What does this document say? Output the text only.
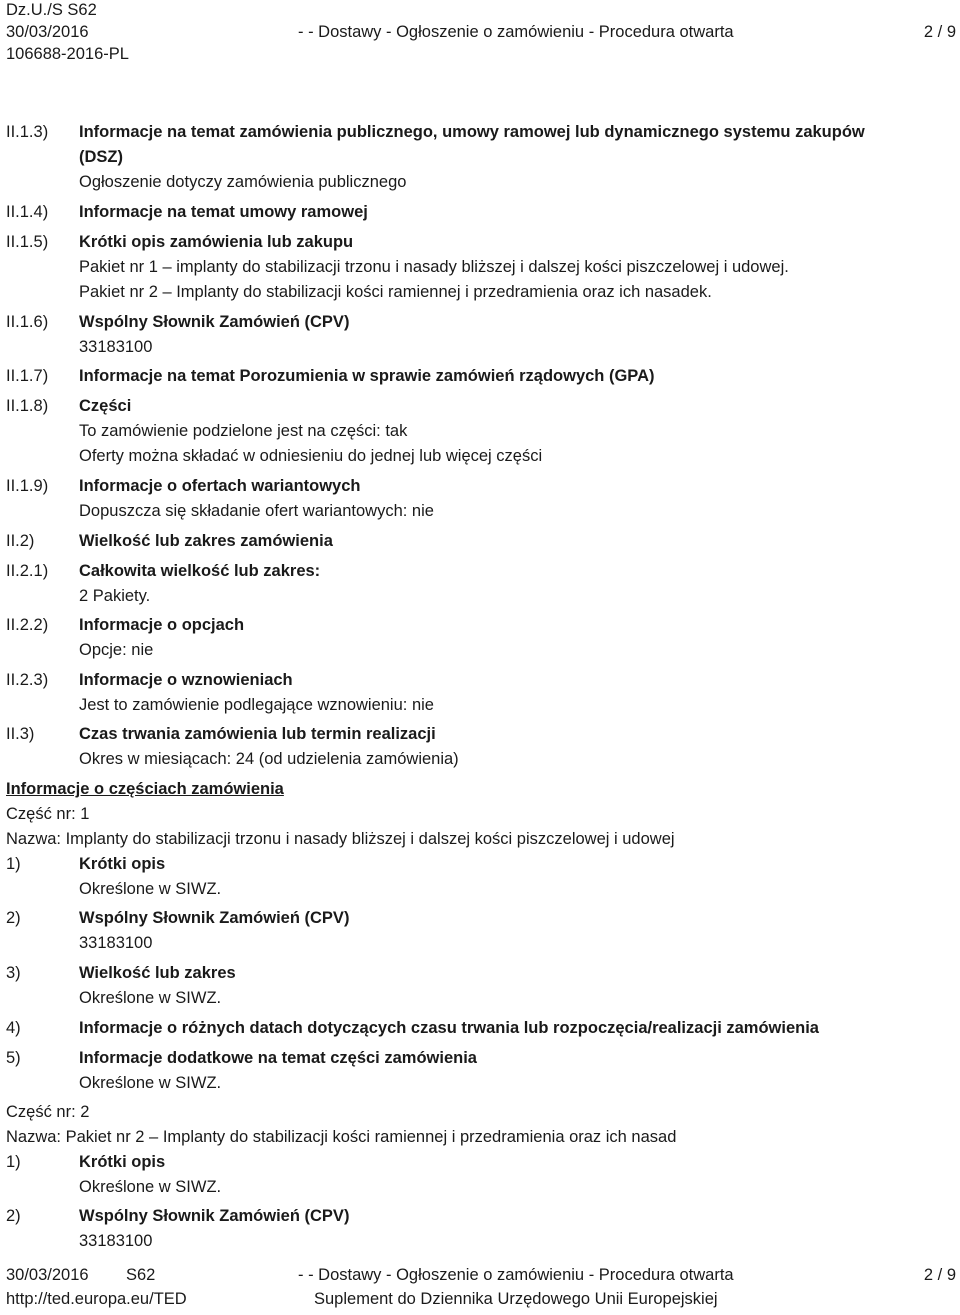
Dz.U./S S62
30/03/2016
106688-2016-PL
- - Dostawy - Ogłoszenie o zamówieniu - Procedura otwarta	2 / 9
II.1.3) Informacje na temat zamówienia publicznego, umowy ramowej lub dynamicznego systemu zakupów
(DSZ)
Ogłoszenie dotyczy zamówienia publicznego
II.1.4) Informacje na temat umowy ramowej
II.1.5) Krótki opis zamówienia lub zakupu
Pakiet nr 1 – implanty do stabilizacji trzonu i nasady bliższej i dalszej kości piszczelowej i udowej.
Pakiet nr 2 – Implanty do stabilizacji kości ramiennej i przedramienia oraz ich nasadek.
II.1.6) Wspólny Słownik Zamówień (CPV)
33183100
II.1.7) Informacje na temat Porozumienia w sprawie zamówień rządowych (GPA)
II.1.8) Części
To zamówienie podzielone jest na części: tak
Oferty można składać w odniesieniu do jednej lub więcej części
II.1.9) Informacje o ofertach wariantowych
Dopuszcza się składanie ofert wariantowych: nie
II.2)	Wielkość lub zakres zamówienia
II.2.1) Całkowita wielkość lub zakres:
2 Pakiety.
II.2.2) Informacje o opcjach
Opcje: nie
II.2.3) Informacje o wznowieniach
Jest to zamówienie podlegające wznowieniu: nie
II.3)	Czas trwania zamówienia lub termin realizacji
Okres w miesiącach: 24 (od udzielenia zamówienia)
Informacje o częściach zamówienia
Część nr: 1
Nazwa: Implanty do stabilizacji trzonu i nasady bliższej i dalszej kości piszczelowej i udowej
1)	Krótki opis
Określone w SIWZ.
2)	Wspólny Słownik Zamówień (CPV)
33183100
3)	Wielkość lub zakres
Określone w SIWZ.
4)	Informacje o różnych datach dotyczących czasu trwania lub rozpoczęcia/realizacji zamówienia
5)	Informacje dodatkowe na temat części zamówienia
Określone w SIWZ.
Część nr: 2
Nazwa: Pakiet nr 2 – Implanty do stabilizacji kości ramiennej i przedramienia oraz ich nasad
1)	Krótki opis
Określone w SIWZ.
2)	Wspólny Słownik Zamówień (CPV)
33183100
30/03/2016 S62	- - Dostawy - Ogłoszenie o zamówieniu - Procedura otwarta	2 / 9
http://ted.europa.eu/TED	Suplement do Dziennika Urzędowego Unii Europejskiej
